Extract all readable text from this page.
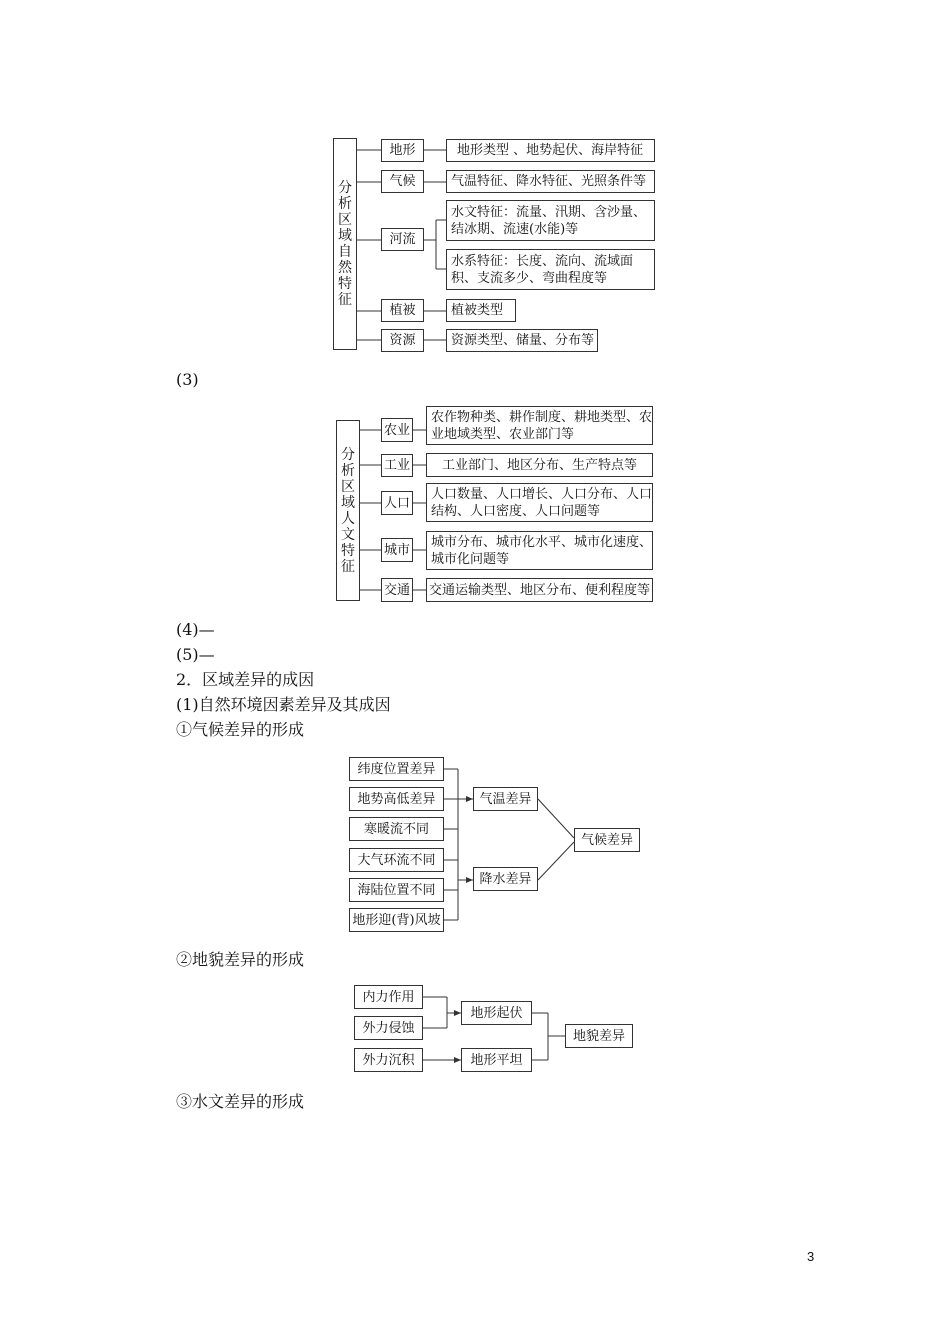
分析区域自然特征
地形
气候
河流
植被
资源
地形类型 、地势起伏、海岸特征
气温特征、降水特征、光照条件等
水文特征：流量、汛期、含沙量、结冰期、流速(水能)等
水系特征：长度、流向、流域面积、支流多少、弯曲程度等
植被类型
资源类型、储量、分布等
(3)
分析区域人文特征
农业
工业
人口
城市
交通
农作物种类、耕作制度、耕地类型、农业地域类型、农业部门等
工业部门、地区分布、生产特点等
人口数量、人口增长、人口分布、人口结构、人口密度、人口问题等
城市分布、城市化水平、城市化速度、城市化问题等
交通运输类型、地区分布、便利程度等
(4)—
(5)—
2．区域差异的成因
(1)自然环境因素差异及其成因
①气候差异的形成
纬度位置差异
地势高低差异
寒暖流不同
大气环流不同
海陆位置不同
地形迎(背)风坡
气温差异
降水差异
气候差异
②地貌差异的形成
内力作用
外力侵蚀
外力沉积
地形起伏
地形平坦
地貌差异
③水文差异的形成
3
